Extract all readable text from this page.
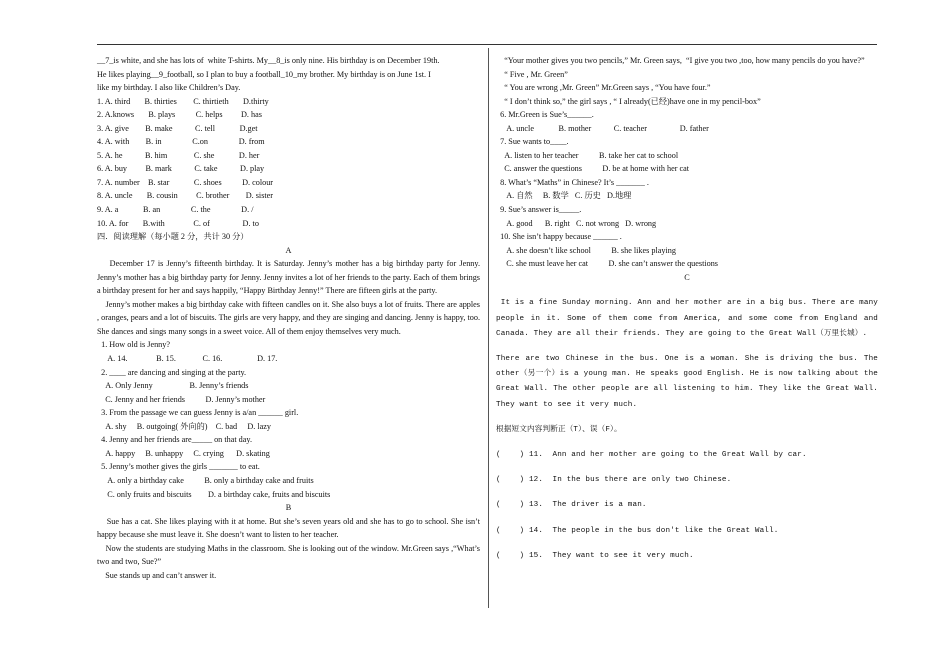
__7_is white, and she has lots of  white T-shirts. My__8_is only nine. His birthday is on December 19th.

He likes playing__9_football, so I plan to buy a football_10_my brother. My birthday is on June 1st. I

like my birthday. I also like Children’s Day.

1. A. third       B. thirties        C. thirtieth       D.thirty

2. A.knows       B. plays          C. helps         D. has

3. A. give        B. make           C. tell            D.get

4. A. with        B. in               C.on               D. from

5. A. he           B. him             C. she            D. her

6. A. buy         B. mark           C. take           D. play

7. A. number    B. star            C. shoes          D. colour

8. A. uncle       B. cousin         C. brother        D. sister

9. A. a            B. an               C. the               D. /

10. A. for       B.with              C. of                D. to

四．阅读理解（每小题 2 分，共计 30 分）

A

December 17 is Jenny’s fifteenth birthday. It is Saturday. Jenny’s mother has a big birthday party for Jenny. Jenny’s mother has a big birthday party for Jenny. Jenny invites a lot of her friends to the party. Each of them brings a birthday present for her and says happily, “Happy Birthday Jenny!” There are fifteen girls at the party.

Jenny’s mother makes a big birthday cake with fifteen candles on it. She also buys a lot of fruits. There are apples , oranges, pears and a lot of biscuits. The girls are very happy, and they are singing and dancing. Jenny is happy, too. She dances and sings many songs in a sweet voice. All of them enjoy themselves very much.

1. How old is Jenny?

A. 14.              B. 15.             C. 16.                 D. 17.

2. ____ are dancing and singing at the party.

A. Only Jenny                  B. Jenny’s friends

C. Jenny and her friends          D. Jenny’s mother

3. From the passage we can guess Jenny is a/an ______ girl.

A. shy     B. outgoing( 外向的)    C. bad     D. lazy

4. Jenny and her friends are_____ on that day.

A. happy     B. unhappy     C. crying      D. skating

5. Jenny’s mother gives the girls _______ to eat.

A. only a birthday cake          B. only a birthday cake and fruits

C. only fruits and biscuits        D. a birthday cake, fruits and biscuits

B

Sue has a cat. She likes playing with it at home. But she’s seven years old and she has to go to school. She isn’t happy because she must leave it. She doesn’t want to listen to her teacher.

Now the students are studying Maths in the classroom. She is looking out of the window. Mr.Green says ,“What’s two and two, Sue?”

Sue stands up and can’t answer it.

“Your mother gives you two pencils,” Mr. Green says,  “I give you two ,too, how many pencils do you have?”

“ Five , Mr. Green”

“ You are wrong ,Mr. Green” Mr.Green says , “You have four.”

“ I don’t think so,” the girl says , “ I already(已经)have one in my pencil-box”

6. Mr.Green is Sue’s______.

A. uncle            B. mother           C. teacher                D. father

7. Sue wants to____.

A. listen to her teacher          B. take her cat to school

C. answer the questions          D. be at home with her cat

8. What’s “Maths” in Chinese? It’s _______ .

A. 自然     B. 数学   C. 历史   D.地理

9. Sue’s answer is_____.

A. good      B. right   C. not wrong   D. wrong

10. She isn’t happy because ______ .

A. she doesn’t like school          B. she likes playing

C. she must leave her cat          D. she can’t answer the questions

C

It is a fine Sunday morning. Ann and her mother are in a big bus. There are many people in it. Some of them come from America, and some come from England and Canada. They are all their friends. They are going to the Great Wall（万里长城）.

There are two Chinese in the bus. One is a woman. She is driving the bus. The other（另一个）is a young man. He speaks good English. He is now talking about the Great Wall. The other people are all listening to him. They like the Great Wall. They want to see it very much.

根据短文内容判断正（T）、误（F）。

(    ) 11.  Ann and her mother are going to the Great Wall by car.

(    ) 12.  In the bus there are only two Chinese.

(    ) 13.  The driver is a man.

(    ) 14.  The people in the bus don't like the Great Wall.

(    ) 15.  They want to see it very much.
